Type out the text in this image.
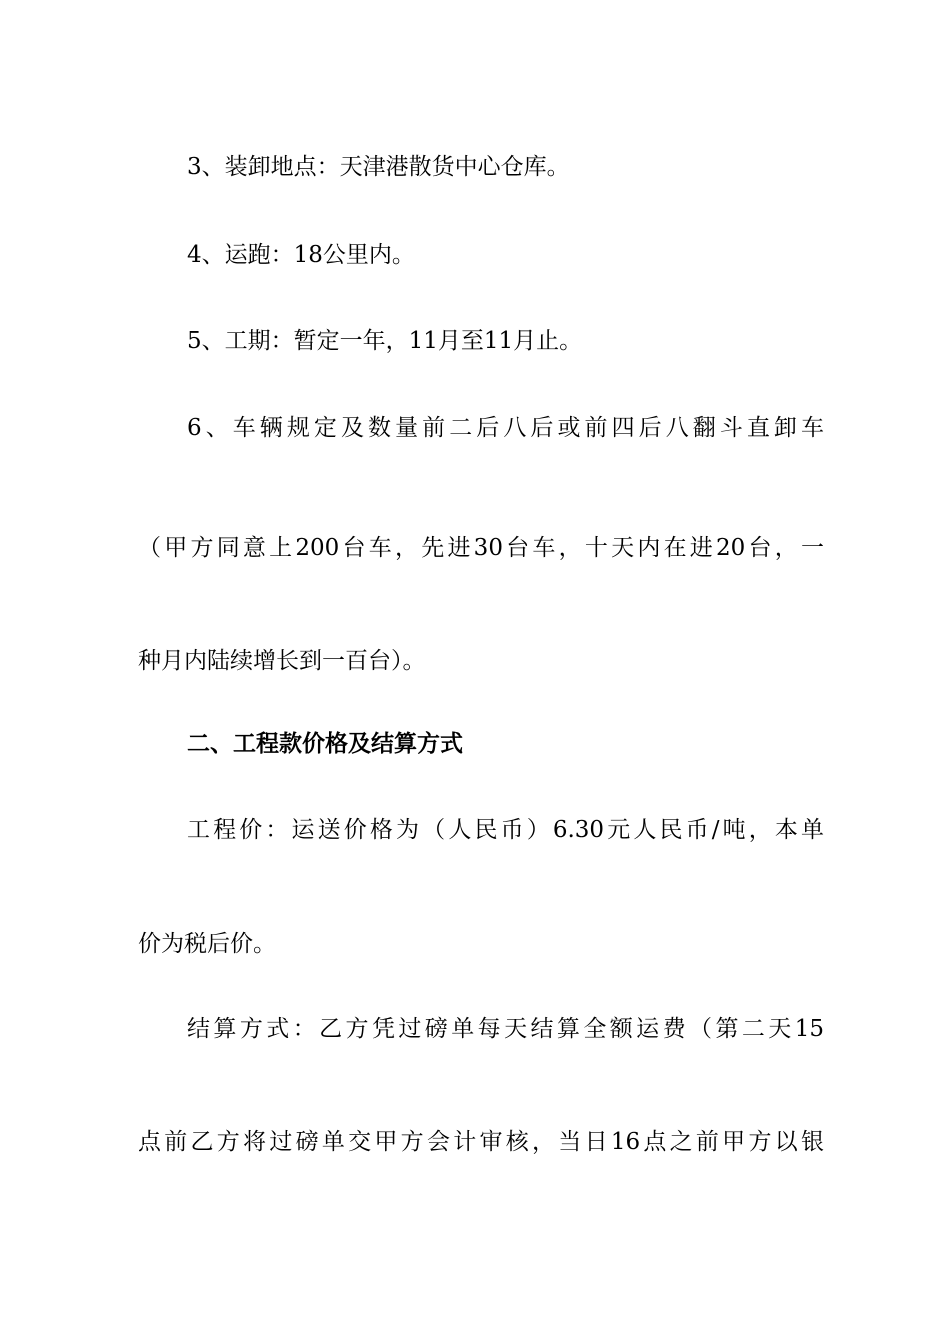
3、装卸地点：天津港散货中心仓库。
4、运跑：18公里内。
5、工期：暂定一年，11月至11月止。
6、车辆规定及数量前二后八后或前四后八翻斗直卸车
（甲方同意上200台车，先进30台车，十天内在进20台，一
种月内陆续增长到一百台）。
二、工程款价格及结算方式
工程价：运送价格为（人民币）6.30元人民币/吨，本单
价为税后价。
结算方式：乙方凭过磅单每天结算全额运费（第二天15
点前乙方将过磅单交甲方会计审核，当日16点之前甲方以银
